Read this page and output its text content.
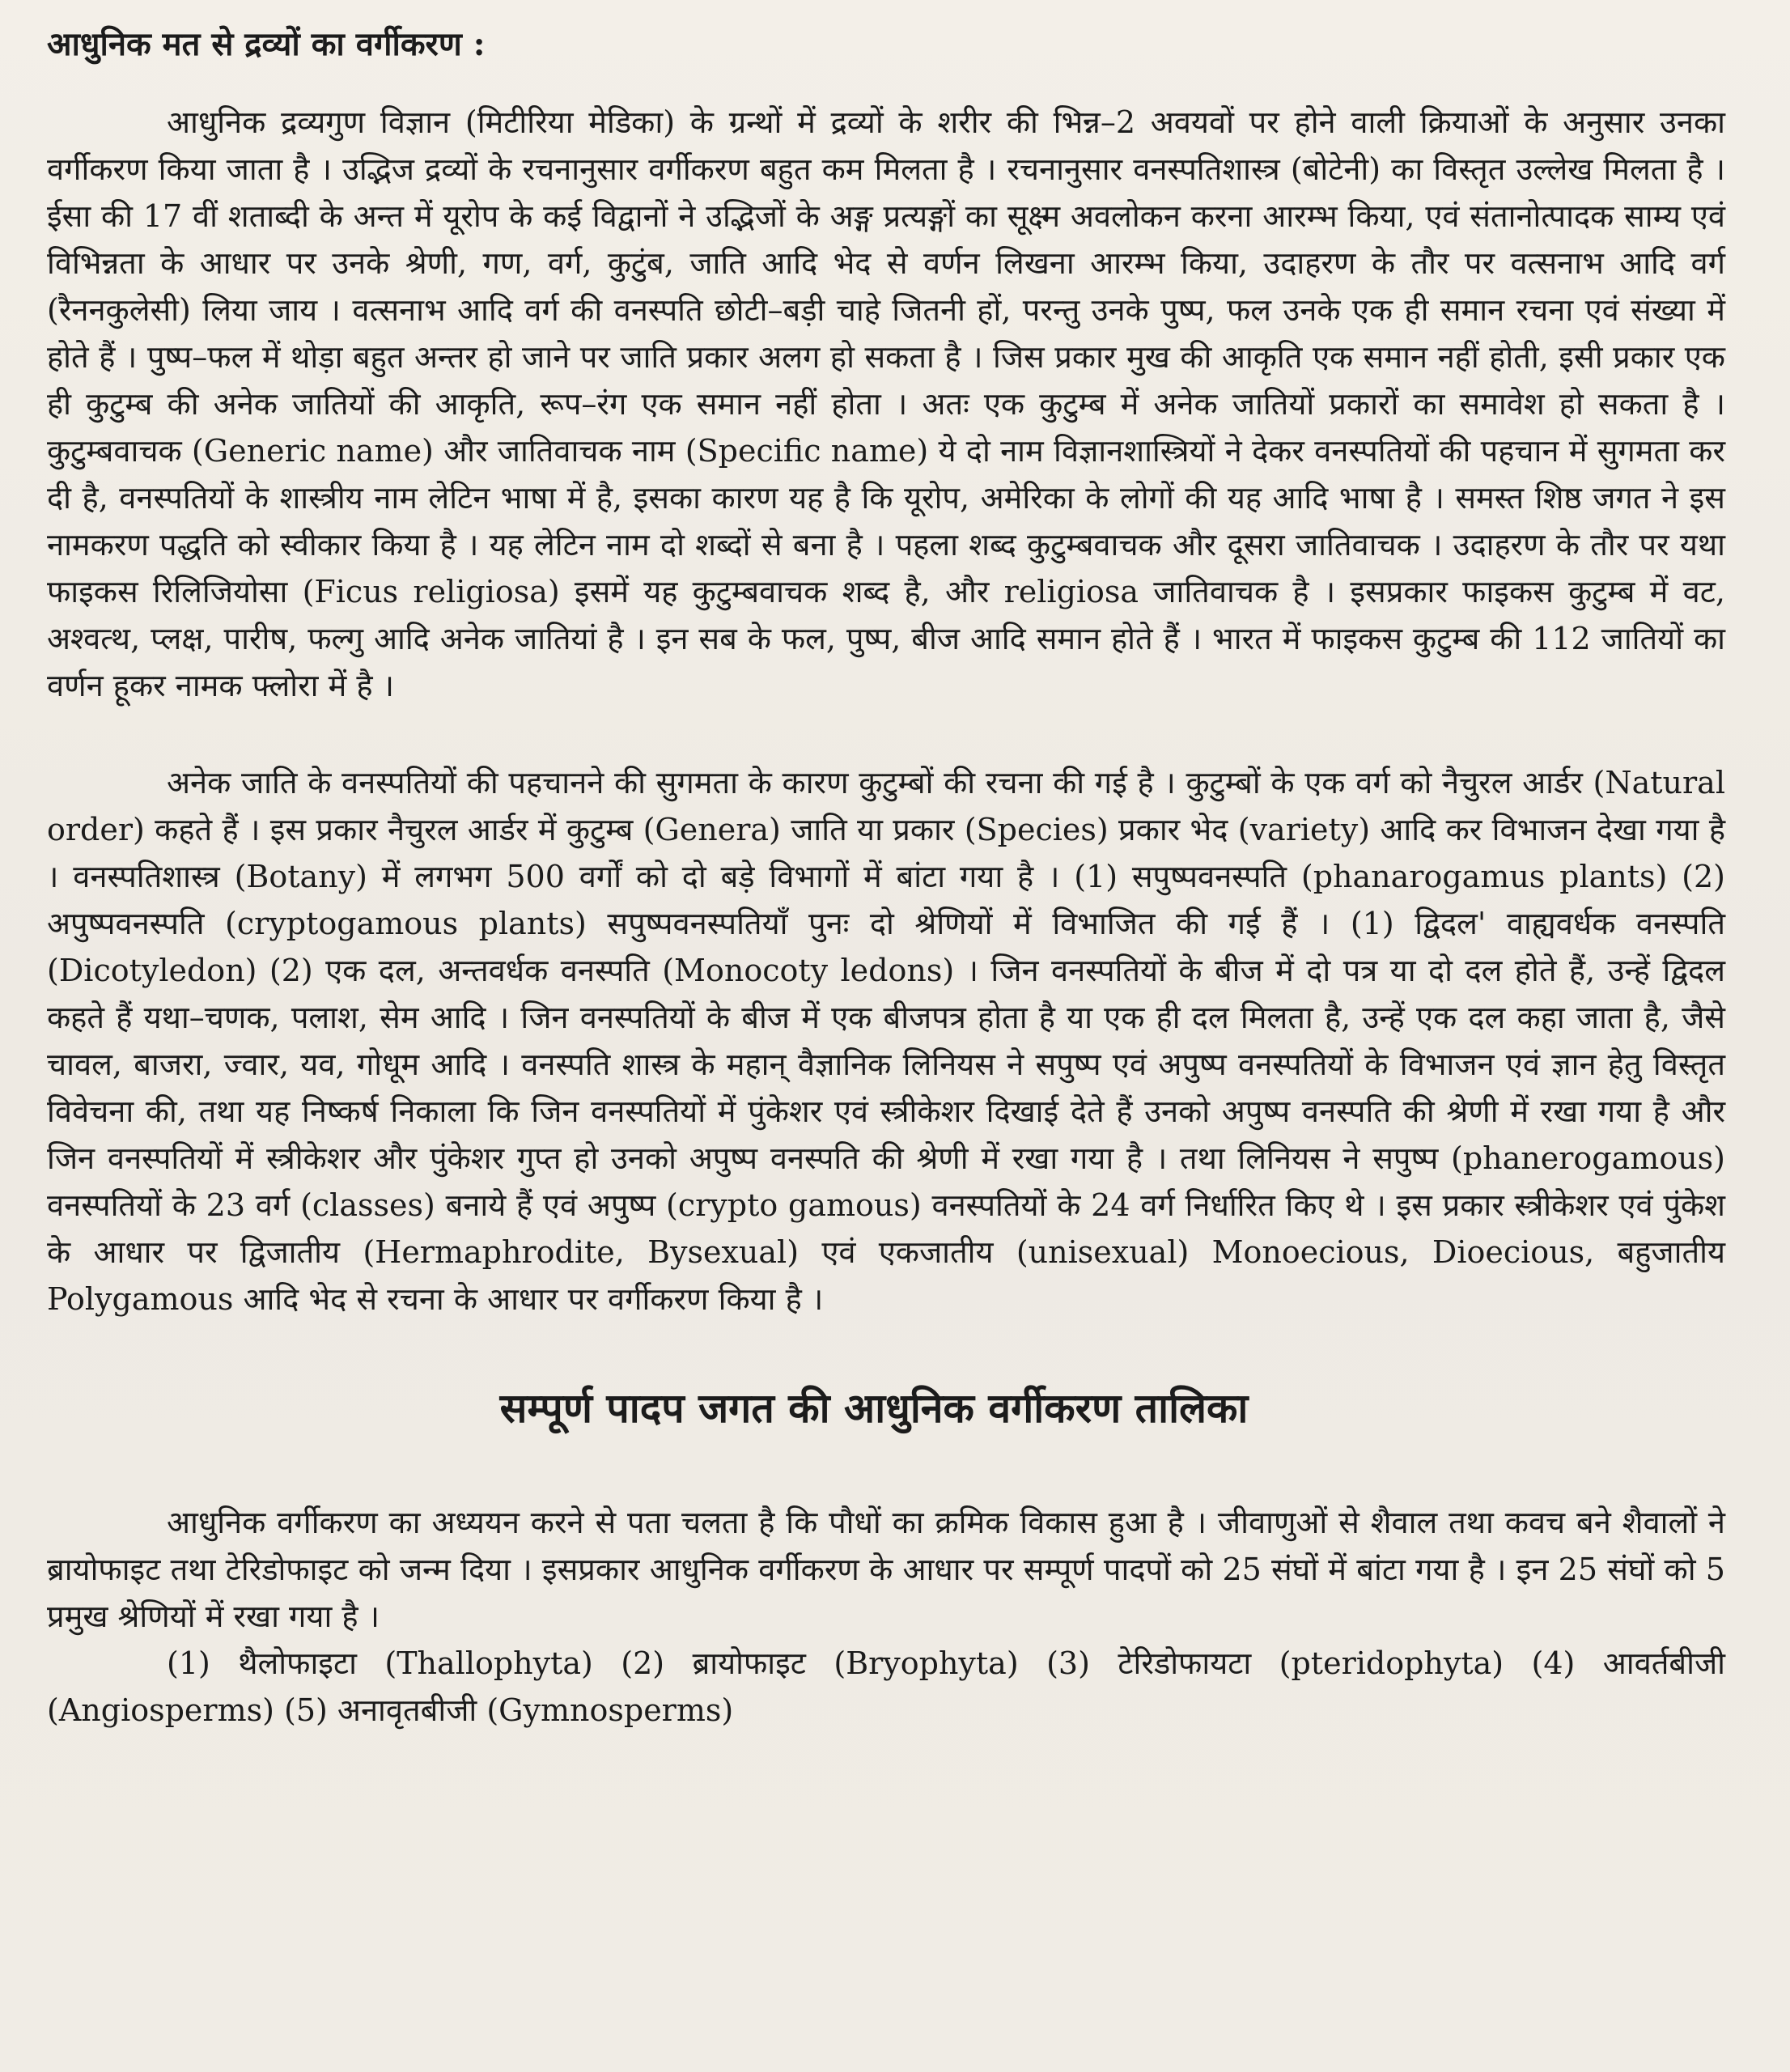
आधुनिक मत से द्रव्यों का वर्गीकरण :

आधुनिक द्रव्यगुण विज्ञान (मिटीरिया मेडिका) के ग्रन्थों में द्रव्यों के शरीर की भिन्न–2 अवयवों पर होने वाली क्रियाओं के अनुसार उनका वर्गीकरण किया जाता है । उद्भिज द्रव्यों के रचनानुसार वर्गीकरण बहुत कम मिलता है । रचनानुसार वनस्पतिशास्त्र (बोटेनी) का विस्तृत उल्लेख मिलता है । ईसा की 17 वीं शताब्दी के अन्त में यूरोप के कई विद्वानों ने उद्भिजों के अङ्ग प्रत्यङ्गों का सूक्ष्म अवलोकन करना आरम्भ किया, एवं संतानोत्पादक साम्य एवं विभिन्नता के आधार पर उनके श्रेणी, गण, वर्ग, कुटुंब, जाति आदि भेद से वर्णन लिखना आरम्भ किया, उदाहरण के तौर पर वत्सनाभ आदि वर्ग (रैननकुलेसी) लिया जाय । वत्सनाभ आदि वर्ग की वनस्पति छोटी–बड़ी चाहे जितनी हों, परन्तु उनके पुष्प, फल उनके एक ही समान रचना एवं संख्या में होते हैं । पुष्प–फल में थोड़ा बहुत अन्तर हो जाने पर जाति प्रकार अलग हो सकता है । जिस प्रकार मुख की आकृति एक समान नहीं होती, इसी प्रकार एक ही कुटुम्ब की अनेक जातियों की आकृति, रूप–रंग एक समान नहीं होता । अतः एक कुटुम्ब में अनेक जातियों प्रकारों का समावेश हो सकता है । कुटुम्बवाचक (Generic name) और जातिवाचक नाम (Specific name) ये दो नाम विज्ञानशास्त्रियों ने देकर वनस्पतियों की पहचान में सुगमता कर दी है, वनस्पतियों के शास्त्रीय नाम लेटिन भाषा में है, इसका कारण यह है कि यूरोप, अमेरिका के लोगों की यह आदि भाषा है । समस्त शिष्ठ जगत ने इस नामकरण पद्धति को स्वीकार किया है । यह लेटिन नाम दो शब्दों से बना है । पहला शब्द कुटुम्बवाचक और दूसरा जातिवाचक । उदाहरण के तौर पर यथा फाइकस रिलिजियोसा (Ficus religiosa) इसमें यह कुटुम्बवाचक शब्द है, और religiosa जातिवाचक है । इसप्रकार फाइकस कुटुम्ब में वट, अश्वत्थ, प्लक्ष, पारीष, फल्गु आदि अनेक जातियां है । इन सब के फल, पुष्प, बीज आदि समान होते हैं । भारत में फाइकस कुटुम्ब की 112 जातियों का वर्णन हूकर नामक फ्लोरा में है ।

अनेक जाति के वनस्पतियों की पहचानने की सुगमता के कारण कुटुम्बों की रचना की गई है । कुटुम्बों के एक वर्ग को नैचुरल आर्डर (Natural order) कहते हैं । इस प्रकार नैचुरल आर्डर में कुटुम्ब (Genera) जाति या प्रकार (Species) प्रकार भेद (variety) आदि कर विभाजन देखा गया है । वनस्पतिशास्त्र (Botany) में लगभग 500 वर्गों को दो बड़े विभागों में बांटा गया है । (1) सपुष्पवनस्पति (phanarogamus plants) (2) अपुष्पवनस्पति (cryptogamous plants) सपुष्पवनस्पतियाँ पुनः दो श्रेणियों में विभाजित की गई हैं । (1) द्विदल' वाह्यवर्धक वनस्पति (Dicotyledon) (2) एक दल, अन्तवर्धक वनस्पति (Monocoty ledons) । जिन वनस्पतियों के बीज में दो पत्र या दो दल होते हैं, उन्हें द्विदल कहते हैं यथा–चणक, पलाश, सेम आदि । जिन वनस्पतियों के बीज में एक बीजपत्र होता है या एक ही दल मिलता है, उन्हें एक दल कहा जाता है, जैसे चावल, बाजरा, ज्वार, यव, गोधूम आदि । वनस्पति शास्त्र के महान् वैज्ञानिक लिनियस ने सपुष्प एवं अपुष्प वनस्पतियों के विभाजन एवं ज्ञान हेतु विस्तृत विवेचना की, तथा यह निष्कर्ष निकाला कि जिन वनस्पतियों में पुंकेशर एवं स्त्रीकेशर दिखाई देते हैं उनको अपुष्प वनस्पति की श्रेणी में रखा गया है और जिन वनस्पतियों में स्त्रीकेशर और पुंकेशर गुप्त हो उनको अपुष्प वनस्पति की श्रेणी में रखा गया है । तथा लिनियस ने सपुष्प (phanerogamous) वनस्पतियों के 23 वर्ग (classes) बनाये हैं एवं अपुष्प (crypto gamous) वनस्पतियों के 24 वर्ग निर्धारित किए थे । इस प्रकार स्त्रीकेशर एवं पुंकेश के आधार पर द्विजातीय (Hermaphrodite, Bysexual) एवं एकजातीय (unisexual) Monoecious, Dioecious, बहुजातीय Polygamous आदि भेद से रचना के आधार पर वर्गीकरण किया है ।

सम्पूर्ण पादप जगत की आधुनिक वर्गीकरण तालिका

आधुनिक वर्गीकरण का अध्ययन करने से पता चलता है कि पौधों का क्रमिक विकास हुआ है । जीवाणुओं से शैवाल तथा कवच बने शैवालों ने ब्रायोफाइट तथा टेरिडोफाइट को जन्म दिया । इसप्रकार आधुनिक वर्गीकरण के आधार पर सम्पूर्ण पादपों को 25 संघों में बांटा गया है । इन 25 संघों को 5 प्रमुख श्रेणियों में रखा गया है ।

(1) थैलोफाइटा (Thallophyta) (2) ब्रायोफाइट (Bryophyta) (3) टेरिडोफायटा (pteridophyta) (4) आवर्तबीजी (Angiosperms) (5) अनावृतबीजी (Gymnosperms)
